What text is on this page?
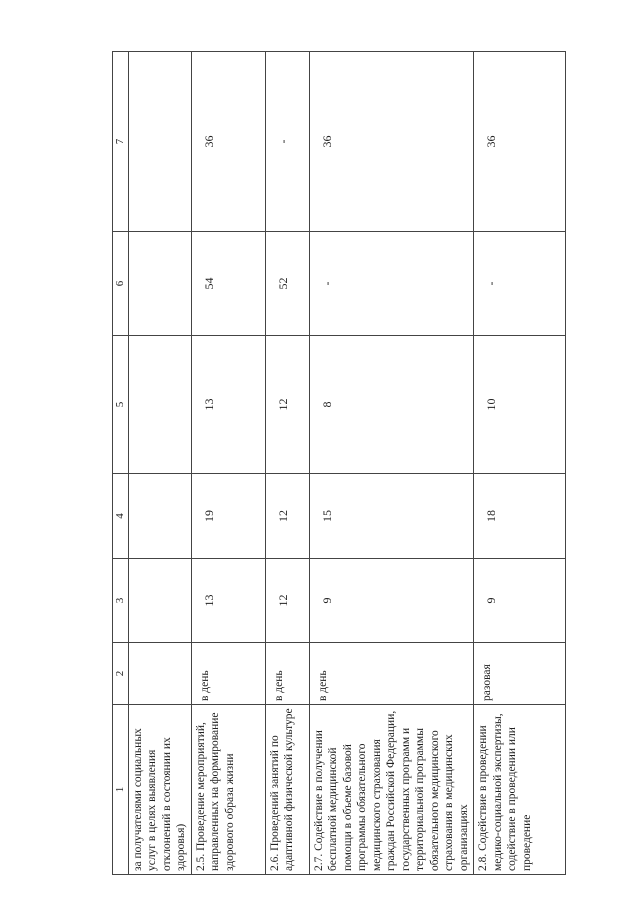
1	2	3	4	5	6	7
за получателями социальных услуг в целях выявления отклонений в состоянии их здоровья)						
2.5. Проведение мероприятий, направленных на формирование здорового образа жизни	в день	13	19	13	54	36
2.6. Проведений занятий по адаптивной физической культуре	в день	12	12	12	52	-
2.7. Содействие в получении бесплатной медицинской помощи в объеме базовой программы обязательного медицинского страхования граждан Российской Федерации, государственных программ и территориальной программы обязательного медицинского страхования в медицинских организациях	в день	9	15	8	-	36
2.8. Содействие в проведении медико-социальной экспертизы, содействие в проведении или проведение	разовая	9	18	10	-	36
